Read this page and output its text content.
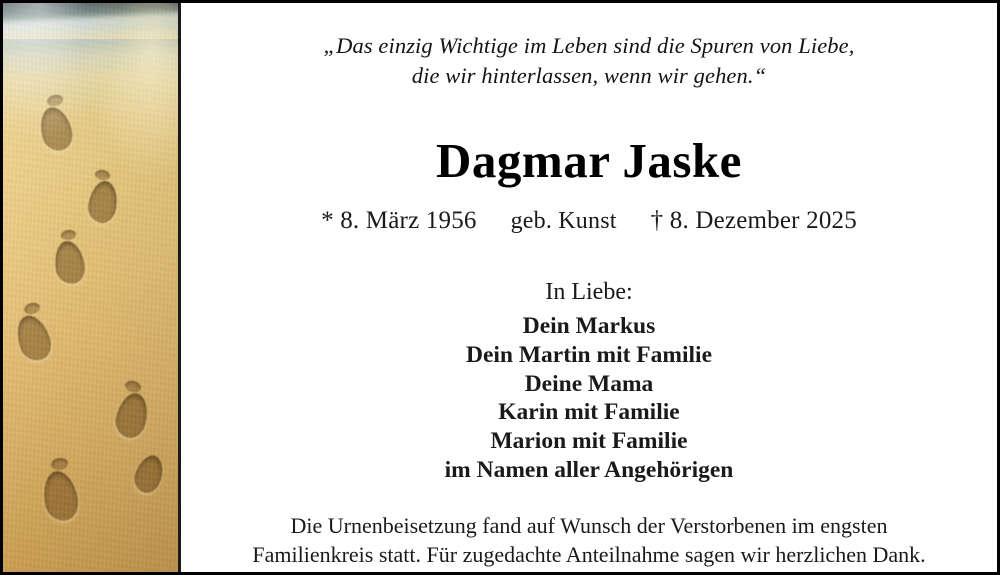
„Das einzig Wichtige im Leben sind die Spuren von Liebe,
die wir hinterlassen, wenn wir gehen.“
Dagmar Jaske
* 8. März 1956 geb. Kunst † 8. Dezember 2025
In Liebe:
Dein Markus
Dein Martin mit Familie
Deine Mama
Karin mit Familie
Marion mit Familie
im Namen aller Angehörigen
Die Urnenbeisetzung fand auf Wunsch der Verstorbenen im engsten
Familienkreis statt. Für zugedachte Anteilnahme sagen wir herzlichen Dank.
